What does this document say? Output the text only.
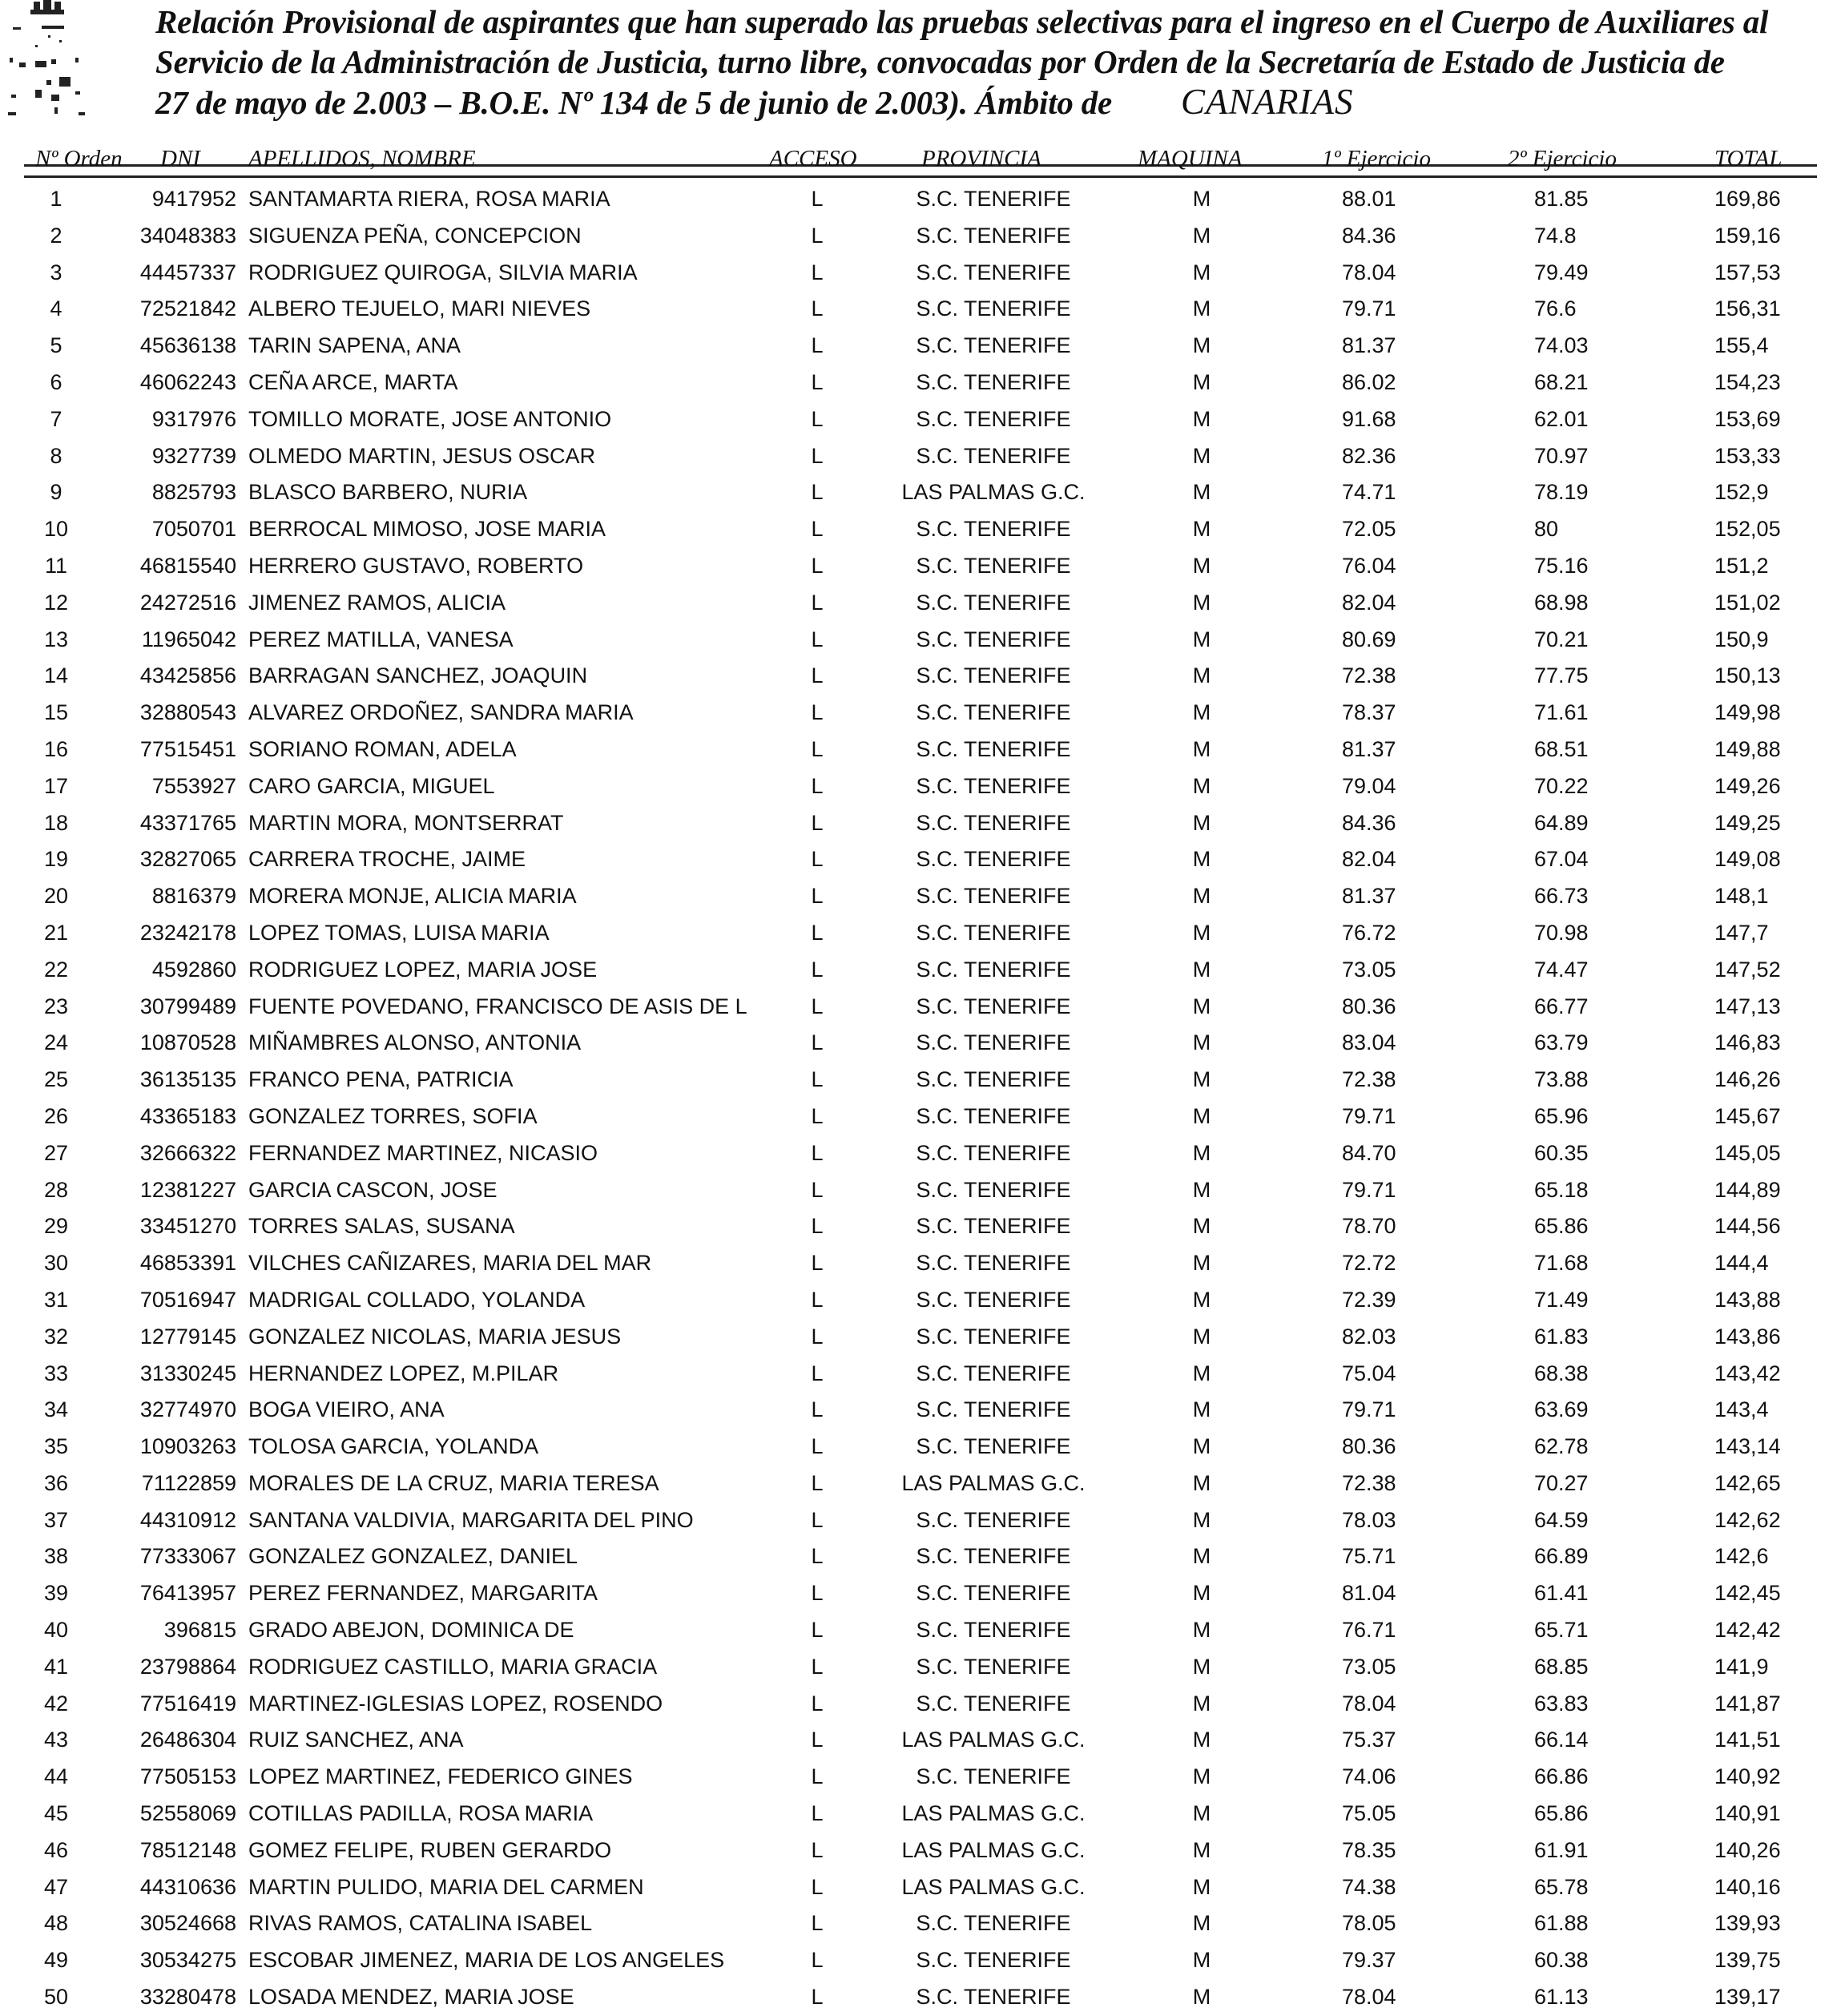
Relación Provisional de aspirantes que han superado las pruebas selectivas para el ingreso en el Cuerpo de Auxiliares al
Servicio de la Administración de Justicia, turno libre, convocadas por Orden de la Secretaría de Estado de Justicia de
27 de mayo de 2.003 – B.O.E. Nº 134 de 5 de junio de 2.003). Ámbito de CANARIAS
Nº Orden DNI APELLIDOS, NOMBRE	ACCESO	PROVINCIA	MAQUINA	1º Ejercicio	2º Ejercicio	TOTAL
1	9417952 SANTAMARTA RIERA, ROSA MARIA	L	S.C. TENERIFE	M	88.01	81.85	169,86
2	34048383 SIGUENZA PEÑA, CONCEPCION	L	S.C. TENERIFE	M	84.36	74.8	159,16
3	44457337 RODRIGUEZ QUIROGA, SILVIA MARIA	L	S.C. TENERIFE	M	78.04	79.49	157,53
4	72521842 ALBERO TEJUELO, MARI NIEVES	L	S.C. TENERIFE	M	79.71	76.6	156,31
5	45636138 TARIN SAPENA, ANA	L	S.C. TENERIFE	M	81.37	74.03	155,4
6	46062243 CEÑA ARCE, MARTA	L	S.C. TENERIFE	M	86.02	68.21	154,23
7	9317976 TOMILLO MORATE, JOSE ANTONIO	L	S.C. TENERIFE	M	91.68	62.01	153,69
8	9327739 OLMEDO MARTIN, JESUS OSCAR	L	S.C. TENERIFE	M	82.36	70.97	153,33
9	8825793 BLASCO BARBERO, NURIA	L	LAS PALMAS G.C.	M	74.71	78.19	152,9
10	7050701 BERROCAL MIMOSO, JOSE MARIA	L	S.C. TENERIFE	M	72.05	80	152,05
11	46815540 HERRERO GUSTAVO, ROBERTO	L	S.C. TENERIFE	M	76.04	75.16	151,2
12	24272516 JIMENEZ RAMOS, ALICIA	L	S.C. TENERIFE	M	82.04	68.98	151,02
13	11965042 PEREZ MATILLA, VANESA	L	S.C. TENERIFE	M	80.69	70.21	150,9
14	43425856 BARRAGAN SANCHEZ, JOAQUIN	L	S.C. TENERIFE	M	72.38	77.75	150,13
15	32880543 ALVAREZ ORDOÑEZ, SANDRA MARIA	L	S.C. TENERIFE	M	78.37	71.61	149,98
16	77515451 SORIANO ROMAN, ADELA	L	S.C. TENERIFE	M	81.37	68.51	149,88
17	7553927 CARO GARCIA, MIGUEL	L	S.C. TENERIFE	M	79.04	70.22	149,26
18	43371765 MARTIN MORA, MONTSERRAT	L	S.C. TENERIFE	M	84.36	64.89	149,25
19	32827065 CARRERA TROCHE, JAIME	L	S.C. TENERIFE	M	82.04	67.04	149,08
20	8816379 MORERA MONJE, ALICIA MARIA	L	S.C. TENERIFE	M	81.37	66.73	148,1
21	23242178 LOPEZ TOMAS, LUISA MARIA	L	S.C. TENERIFE	M	76.72	70.98	147,7
22	4592860 RODRIGUEZ LOPEZ, MARIA JOSE	L	S.C. TENERIFE	M	73.05	74.47	147,52
23	30799489 FUENTE POVEDANO, FRANCISCO DE ASIS DE L	L	S.C. TENERIFE	M	80.36	66.77	147,13
24	10870528 MIÑAMBRES ALONSO, ANTONIA	L	S.C. TENERIFE	M	83.04	63.79	146,83
25	36135135 FRANCO PENA, PATRICIA	L	S.C. TENERIFE	M	72.38	73.88	146,26
26	43365183 GONZALEZ TORRES, SOFIA	L	S.C. TENERIFE	M	79.71	65.96	145,67
27	32666322 FERNANDEZ MARTINEZ, NICASIO	L	S.C. TENERIFE	M	84.70	60.35	145,05
28	12381227 GARCIA CASCON, JOSE	L	S.C. TENERIFE	M	79.71	65.18	144,89
29	33451270 TORRES SALAS, SUSANA	L	S.C. TENERIFE	M	78.70	65.86	144,56
30	46853391 VILCHES CAÑIZARES, MARIA DEL MAR	L	S.C. TENERIFE	M	72.72	71.68	144,4
31	70516947 MADRIGAL COLLADO, YOLANDA	L	S.C. TENERIFE	M	72.39	71.49	143,88
32	12779145 GONZALEZ NICOLAS, MARIA JESUS	L	S.C. TENERIFE	M	82.03	61.83	143,86
33	31330245 HERNANDEZ LOPEZ, M.PILAR	L	S.C. TENERIFE	M	75.04	68.38	143,42
34	32774970 BOGA VIEIRO, ANA	L	S.C. TENERIFE	M	79.71	63.69	143,4
35	10903263 TOLOSA GARCIA, YOLANDA	L	S.C. TENERIFE	M	80.36	62.78	143,14
36	71122859 MORALES DE LA CRUZ, MARIA TERESA	L	LAS PALMAS G.C.	M	72.38	70.27	142,65
37	44310912 SANTANA VALDIVIA, MARGARITA DEL PINO	L	S.C. TENERIFE	M	78.03	64.59	142,62
38	77333067 GONZALEZ GONZALEZ, DANIEL	L	S.C. TENERIFE	M	75.71	66.89	142,6
39	76413957 PEREZ FERNANDEZ, MARGARITA	L	S.C. TENERIFE	M	81.04	61.41	142,45
40	396815 GRADO ABEJON, DOMINICA DE	L	S.C. TENERIFE	M	76.71	65.71	142,42
41	23798864 RODRIGUEZ CASTILLO, MARIA GRACIA	L	S.C. TENERIFE	M	73.05	68.85	141,9
42	77516419 MARTINEZ-IGLESIAS LOPEZ, ROSENDO	L	S.C. TENERIFE	M	78.04	63.83	141,87
43	26486304 RUIZ SANCHEZ, ANA	L	LAS PALMAS G.C.	M	75.37	66.14	141,51
44	77505153 LOPEZ MARTINEZ, FEDERICO GINES	L	S.C. TENERIFE	M	74.06	66.86	140,92
45	52558069 COTILLAS PADILLA, ROSA MARIA	L	LAS PALMAS G.C.	M	75.05	65.86	140,91
46	78512148 GOMEZ FELIPE, RUBEN GERARDO	L	LAS PALMAS G.C.	M	78.35	61.91	140,26
47	44310636 MARTIN PULIDO, MARIA DEL CARMEN	L	LAS PALMAS G.C.	M	74.38	65.78	140,16
48	30524668 RIVAS RAMOS, CATALINA ISABEL	L	S.C. TENERIFE	M	78.05	61.88	139,93
49	30534275 ESCOBAR JIMENEZ, MARIA DE LOS ANGELES	L	S.C. TENERIFE	M	79.37	60.38	139,75
50	33280478 LOSADA MENDEZ, MARIA JOSE	L	S.C. TENERIFE	M	78.04	61.13	139,17
